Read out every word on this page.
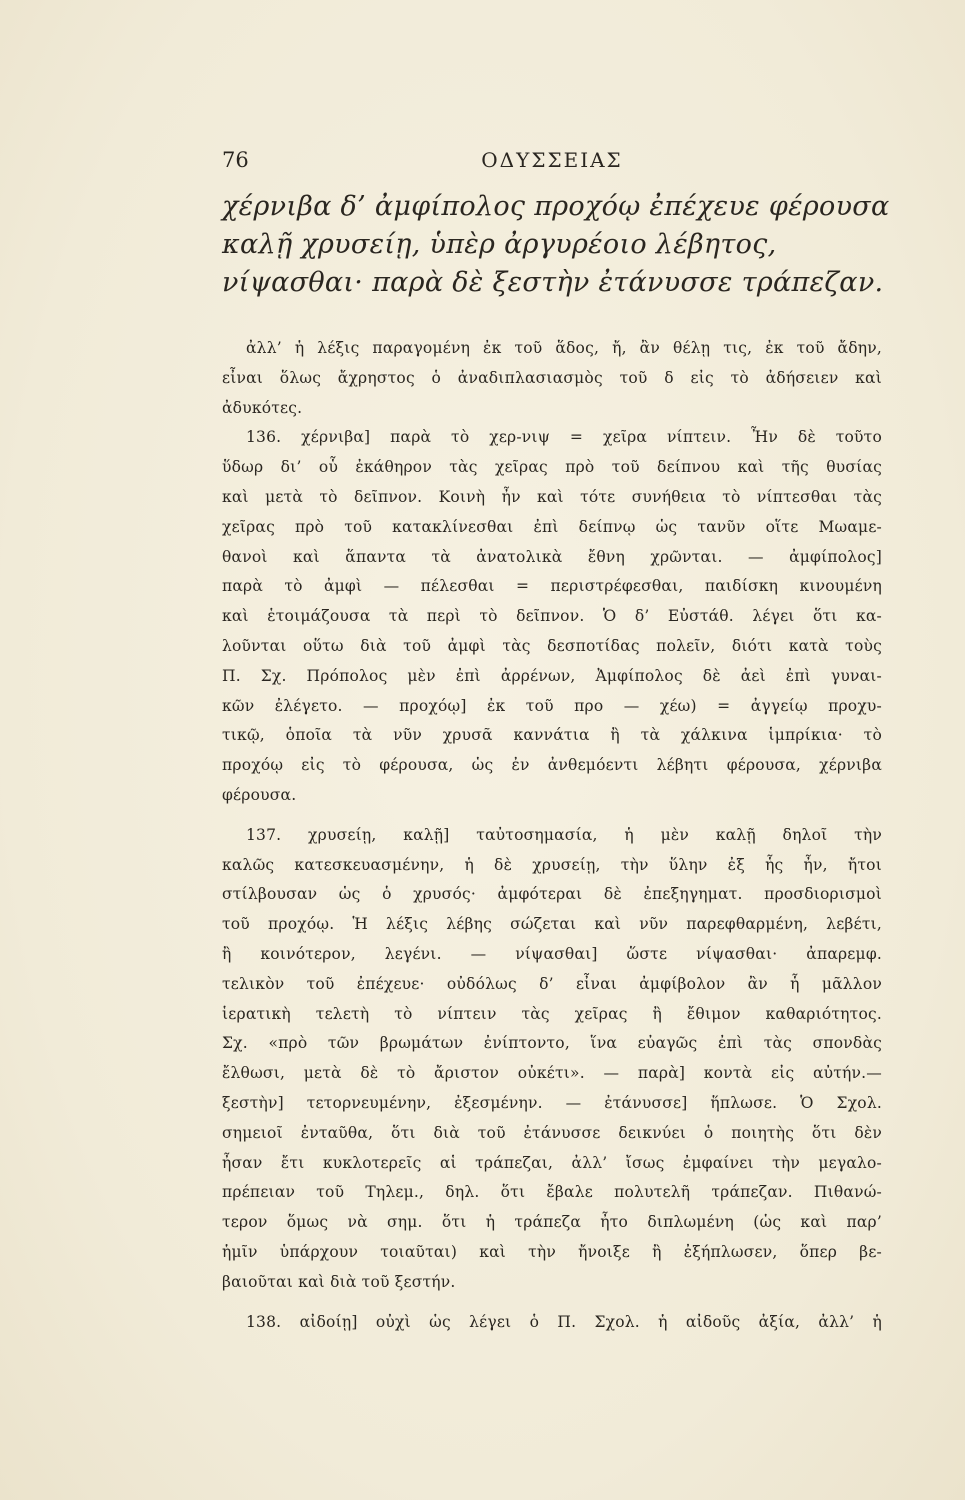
76	ΟΔΥΣΣΕΙΑΣ
χέρνιβα δ’ ἀμφίπολος προχόῳ ἐπέχευε φέρουσα
καλῇ χρυσείῃ, ὑπὲρ ἀργυρέοιο λέβητος,
νίψασθαι· παρὰ δὲ ξεστὴν ἐτάνυσσε τράπεζαν.
ἀλλ’ ἡ λέξις παραγομένη ἐκ τοῦ ἅδος, ἤ, ἂν θέλῃ τις, ἐκ τοῦ ἄδην,
εἶναι ὅλως ἄχρηστος ὁ ἀναδιπλασιασμὸς τοῦ δ εἰς τὸ ἀδήσειεν καὶ
ἀδυκότες.
136. χέρνιβα] παρὰ τὸ χερ-νιψ = χεῖρα νίπτειν. Ἦν δὲ τοῦτο
ὕδωρ δι’ οὗ ἐκάθηρον τὰς χεῖρας πρὸ τοῦ δείπνου καὶ τῆς θυσίας
καὶ μετὰ τὸ δεῖπνον. Κοινὴ ἦν καὶ τότε συνήθεια τὸ νίπτεσθαι τὰς
χεῖρας πρὸ τοῦ κατακλίνεσθαι ἐπὶ δείπνῳ ὡς τανῦν οἵτε Μωαμε-
θανοὶ καὶ ἅπαντα τὰ ἀνατολικὰ ἔθνη χρῶνται. — ἀμφίπολος]
παρὰ τὸ ἀμφὶ — πέλεσθαι = περιστρέφεσθαι, παιδίσκη κινουμένη
καὶ ἑτοιμάζουσα τὰ περὶ τὸ δεῖπνον. Ὁ δ’ Εὐστάθ. λέγει ὅτι κα-
λοῦνται οὕτω διὰ τοῦ ἀμφὶ τὰς δεσποτίδας πολεῖν, διότι κατὰ τοὺς
Π. Σχ. Πρόπολος μὲν ἐπὶ ἀρρένων, Ἀμφίπολος δὲ ἀεὶ ἐπὶ γυναι-
κῶν ἐλέγετο. — προχόῳ] ἐκ τοῦ προ — χέω) = ἀγγείῳ προχυ-
τικῷ, ὁποῖα τὰ νῦν χρυσᾶ καννάτια ἢ τὰ χάλκινα ἱμπρίκια· τὸ
προχόῳ εἰς τὸ φέρουσα, ὡς ἐν ἀνθεμόεντι λέβητι φέρουσα, χέρνιβα
φέρουσα.
137. χρυσείῃ, καλῇ] ταὐτοσημασία, ἡ μὲν καλῇ δηλοῖ τὴν
καλῶς κατεσκευασμένην, ἡ δὲ χρυσείῃ, τὴν ὕλην ἐξ ἧς ἦν, ἤτοι
στίλβουσαν ὡς ὁ χρυσός· ἀμφότεραι δὲ ἐπεξηγηματ. προσδιορισμοὶ
τοῦ προχόῳ. Ἡ λέξις λέβης σώζεται καὶ νῦν παρεφθαρμένη, λεβέτι,
ἢ κοινότερον, λεγένι. — νίψασθαι] ὥστε νίψασθαι· ἀπαρεμφ.
τελικὸν τοῦ ἐπέχευε· οὐδόλως δ’ εἶναι ἀμφίβολον ἂν ἧ μᾶλλον
ἱερατικὴ τελετὴ τὸ νίπτειν τὰς χεῖρας ἢ ἔθιμον καθαριότητος.
Σχ. «πρὸ τῶν βρωμάτων ἐνίπτοντο, ἵνα εὐαγῶς ἐπὶ τὰς σπονδὰς
ἔλθωσι, μετὰ δὲ τὸ ἄριστον οὐκέτι». — παρὰ] κοντὰ εἰς αὐτήν.—
ξεστὴν] τετορνευμένην, ἐξεσμένην. — ἐτάνυσσε] ἥπλωσε. Ὁ Σχολ.
σημειοῖ ἐνταῦθα, ὅτι διὰ τοῦ ἐτάνυσσε δεικνύει ὁ ποιητὴς ὅτι δὲν
ἦσαν ἔτι κυκλοτερεῖς αἱ τράπεζαι, ἀλλ’ ἴσως ἐμφαίνει τὴν μεγαλο-
πρέπειαν τοῦ Τηλεμ., δηλ. ὅτι ἔβαλε πολυτελῆ τράπεζαν. Πιθανώ-
τερον ὅμως νὰ σημ. ὅτι ἡ τράπεζα ἦτο διπλωμένη (ὡς καὶ παρ’
ἡμῖν ὑπάρχουν τοιαῦται) καὶ τὴν ἤνοιξε ἢ ἐξήπλωσεν, ὅπερ βε-
βαιοῦται καὶ διὰ τοῦ ξεστήν.
138. αἰδοίῃ] οὐχὶ ὡς λέγει ὁ Π. Σχολ. ἡ αἰδοῦς ἀξία, ἀλλ’ ἡ
